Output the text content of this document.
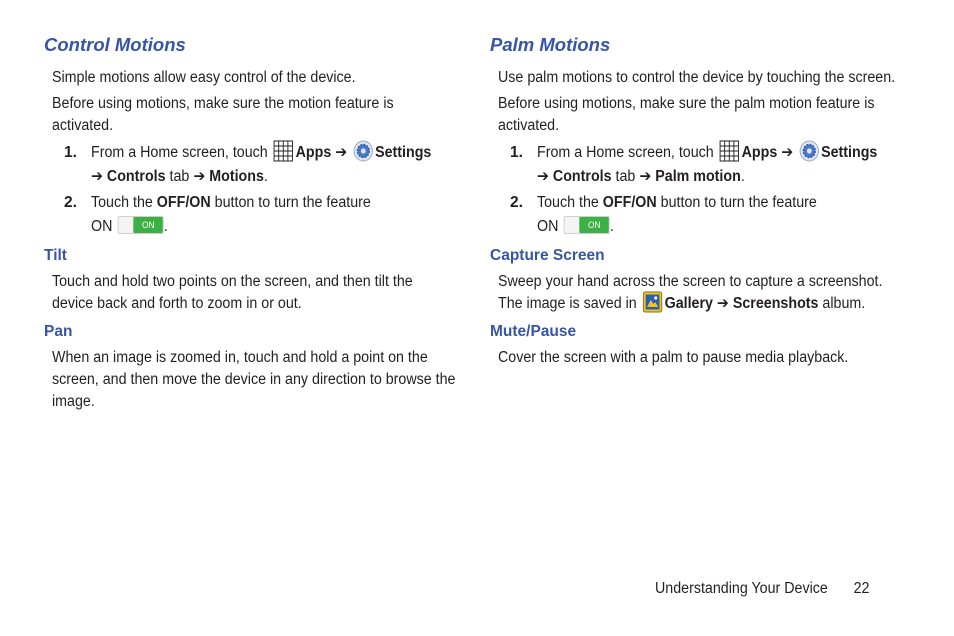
Control Motions

Simple motions allow easy control of the device.

Before using motions, make sure the motion feature is activated.

1. From a Home screen, touch Apps ➔ Settings
➔ Controls tab ➔ Motions.
2. Touch the OFF/ON button to turn the feature
ON	ON .
Tilt

Touch and hold two points on the screen, and then tilt the device back and forth to zoom in or out.

Pan

When an image is zoomed in, touch and hold a point on the screen, and then move the device in any direction to browse the image.

Palm Motions

Use palm motions to control the device by touching the screen.

Before using motions, make sure the palm motion feature is activated.

1. From a Home screen, touch Apps ➔ Settings
➔ Controls tab ➔ Palm motion.
2. Touch the OFF/ON button to turn the feature
ON	ON .
Capture Screen

Sweep your hand across the screen to capture a screenshot.
The image is saved in Gallery ➔ Screenshots album.

Mute/Pause

Cover the screen with a palm to pause media playback.

Understanding Your Device 22
